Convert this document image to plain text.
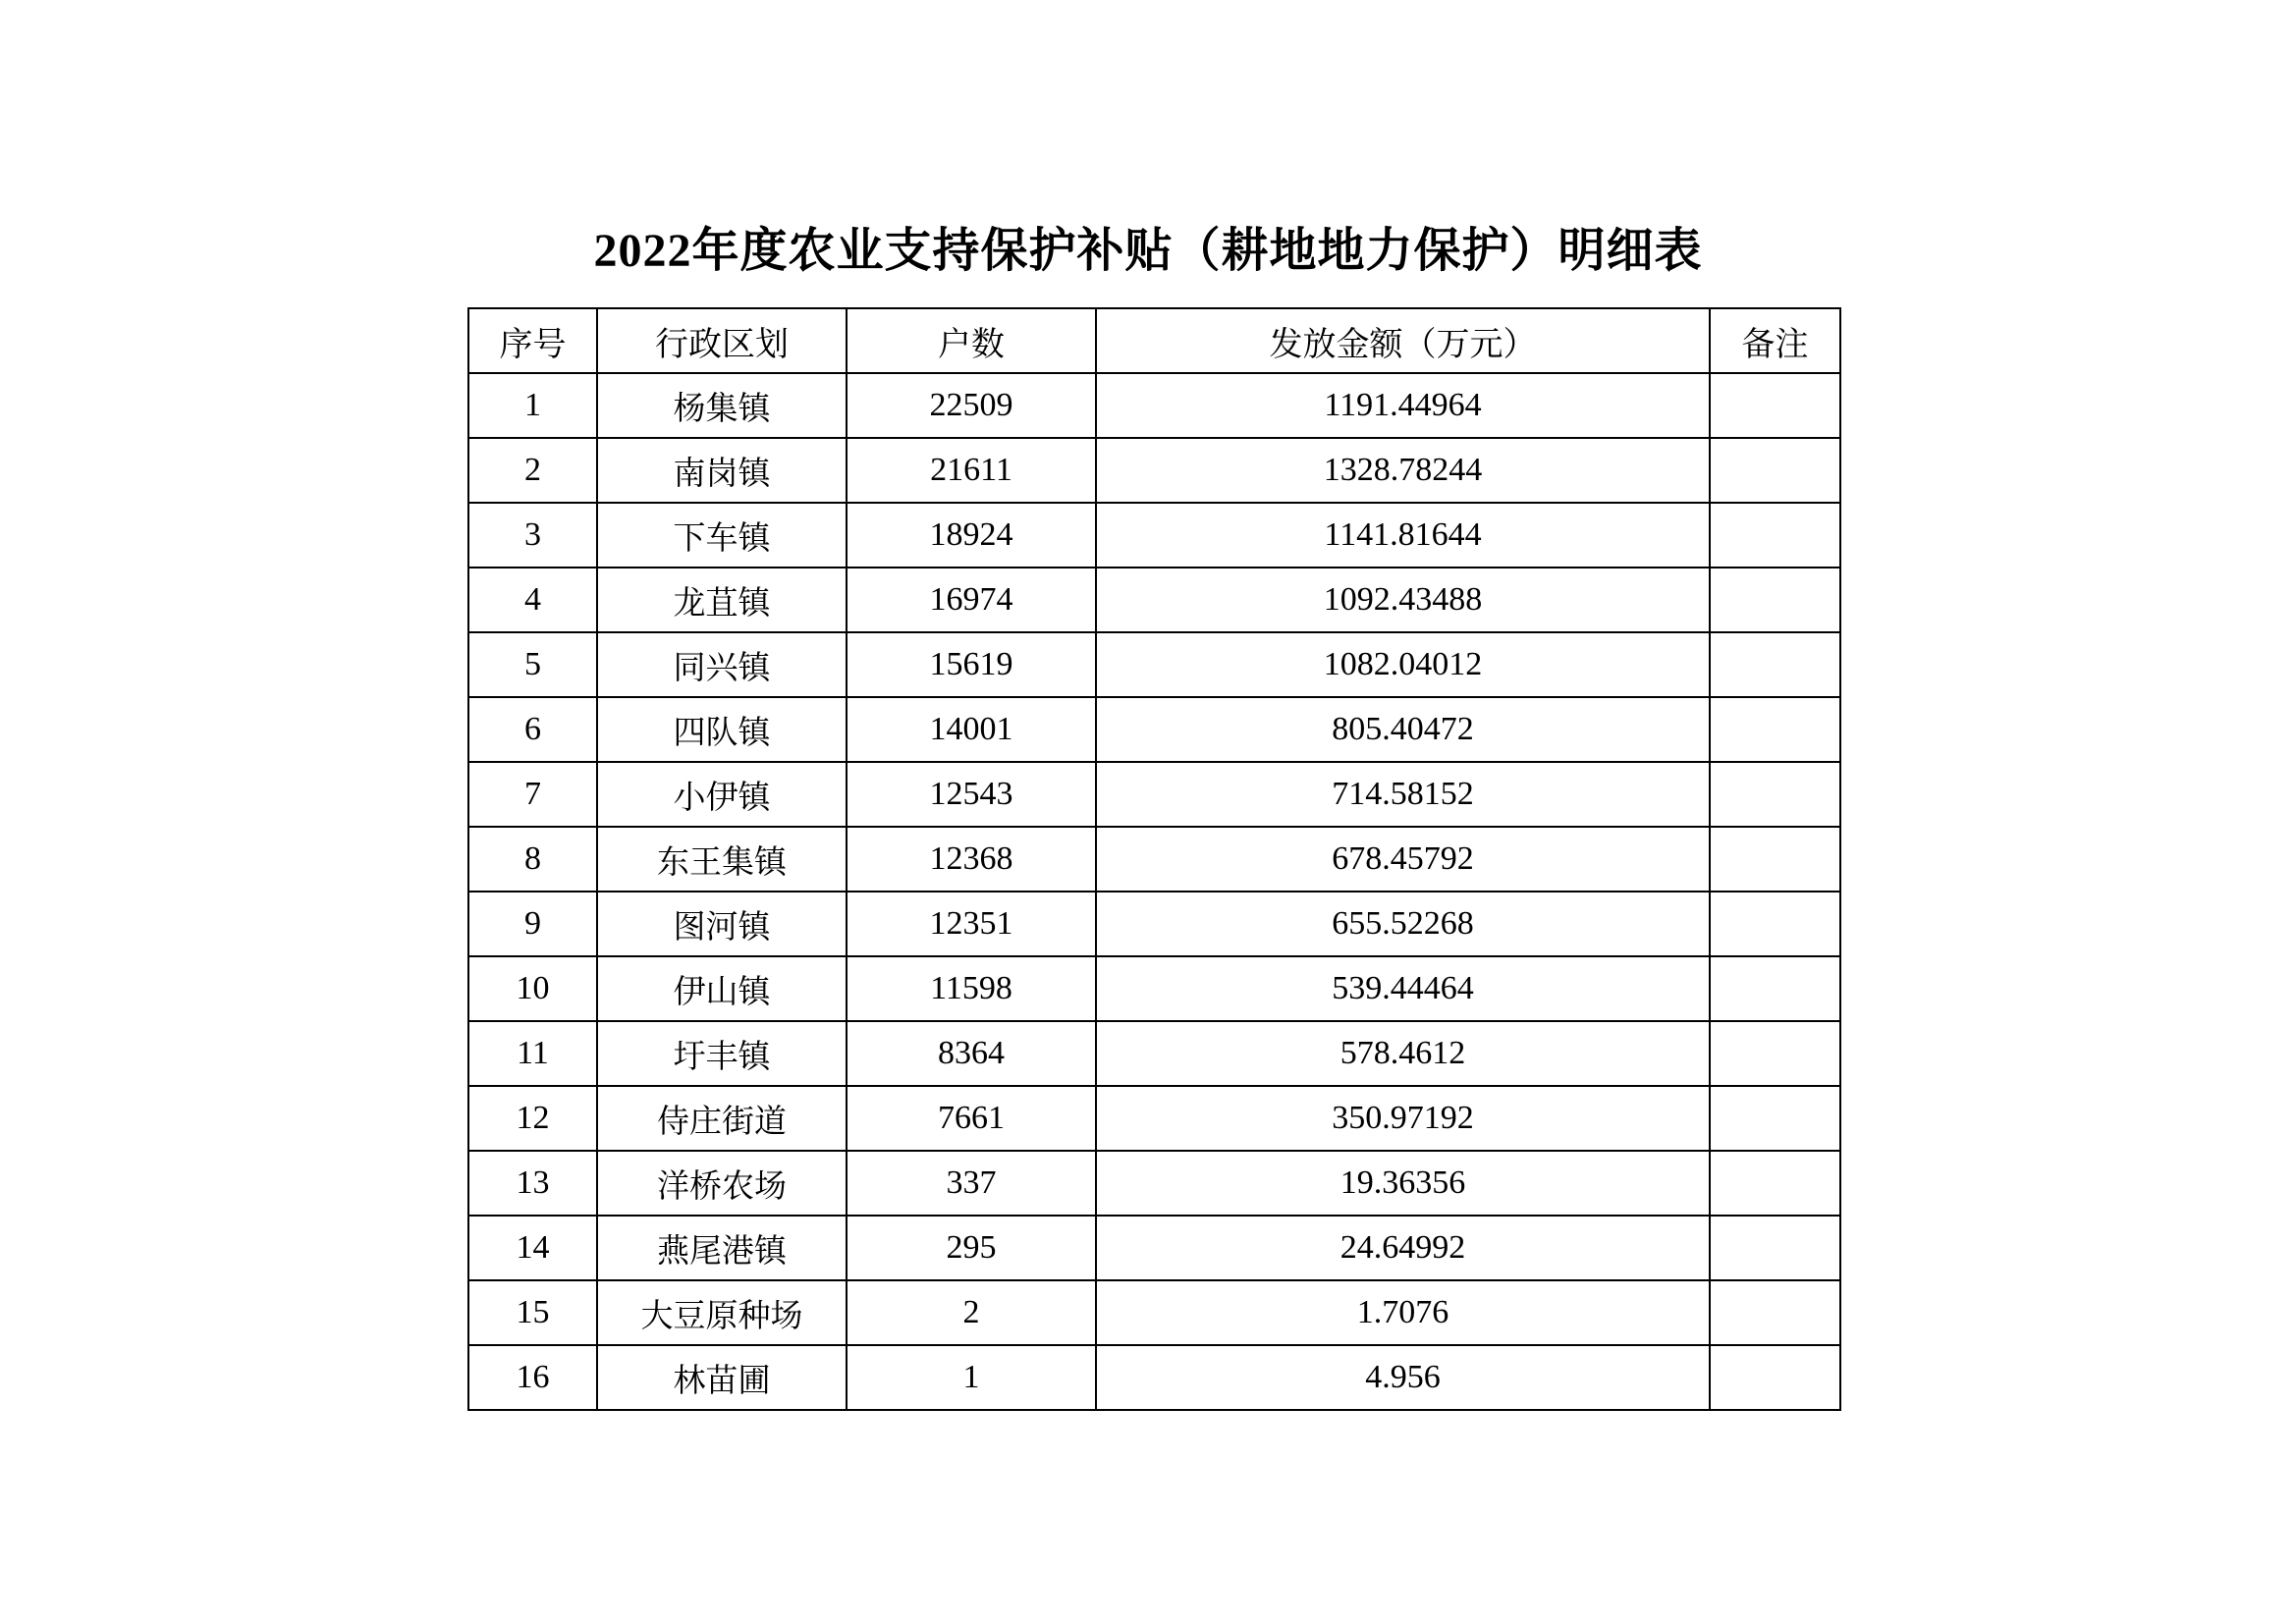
2022年度农业支持保护补贴（耕地地力保护）明细表
序号	行政区划	户数	发放金额（万元）	备注
1	杨集镇	22509	1191.44964	
2	南岗镇	21611	1328.78244	
3	下车镇	18924	1141.81644	
4	龙苴镇	16974	1092.43488	
5	同兴镇	15619	1082.04012	
6	四队镇	14001	805.40472	
7	小伊镇	12543	714.58152	
8	东王集镇	12368	678.45792	
9	图河镇	12351	655.52268	
10	伊山镇	11598	539.44464	
11	圩丰镇	8364	578.4612	
12	侍庄街道	7661	350.97192	
13	洋桥农场	337	19.36356	
14	燕尾港镇	295	24.64992	
15	大豆原种场	2	1.7076	
16	林苗圃	1	4.956	
